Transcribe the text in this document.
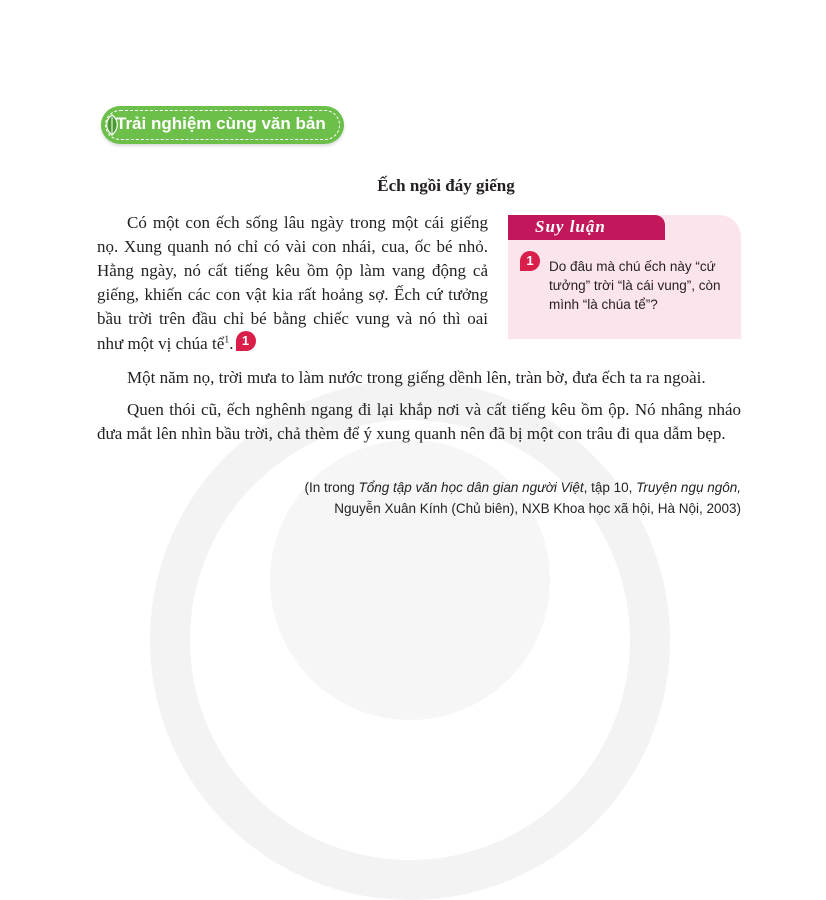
Trải nghiệm cùng văn bản
Ếch ngồi đáy giếng
Có một con ếch sống lâu ngày trong một cái giếng nọ. Xung quanh nó chỉ có vài con nhái, cua, ốc bé nhỏ. Hằng ngày, nó cất tiếng kêu ồm ộp làm vang động cả giếng, khiến các con vật kia rất hoảng sợ. Ếch cứ tưởng bầu trời trên đầu chỉ bé bằng chiếc vung và nó thì oai như một vị chúa tể$^1$. 1
Suy luận
1	Do đâu mà chú ếch này “cứ tưởng” trời “là cái vung”, còn mình “là chúa tể”?
Một năm nọ, trời mưa to làm nước trong giếng dềnh lên, tràn bờ, đưa ếch ta ra ngoài.
Quen thói cũ, ếch nghênh ngang đi lại khắp nơi và cất tiếng kêu ồm ộp. Nó nhâng nháo đưa mắt lên nhìn bầu trời, chả thèm để ý xung quanh nên đã bị một con trâu đi qua dẫm bẹp.
(In trong Tổng tập văn học dân gian người Việt, tập 10, Truyện ngụ ngôn,
Nguyễn Xuân Kính (Chủ biên), NXB Khoa học xã hội, Hà Nội, 2003)
